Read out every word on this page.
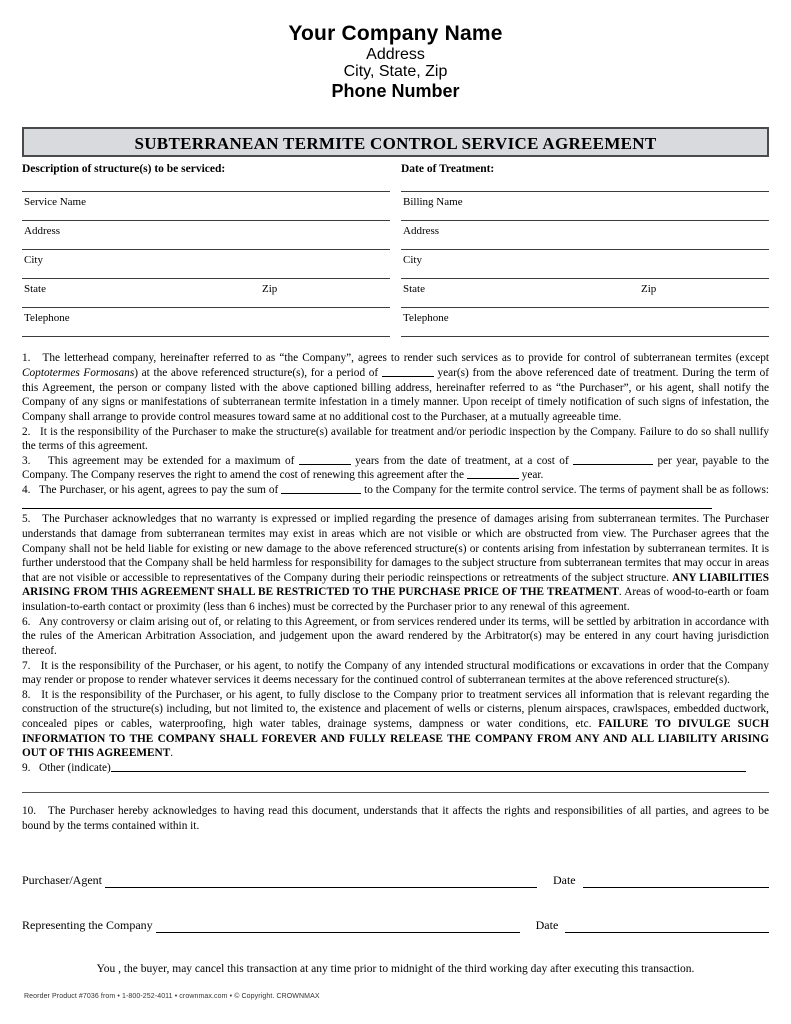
Your Company Name
Address
City, State, Zip
Phone Number
SUBTERRANEAN TERMITE CONTROL SERVICE AGREEMENT
Description of structure(s) to be serviced:
Service Name
Address
City
State	Zip
Telephone
Date of Treatment:
Billing Name
Address
City
State	Zip
Telephone

1. The letterhead company, hereinafter referred to as “the Company”, agrees to render such services as to provide for control of subterranean termites (except Coptotermes Formosans) at the above referenced structure(s), for a period of	year(s) from the above referenced date of treatment. During the term of this Agreement, the person or company listed with the above captioned billing address, hereinafter referred to as “the Purchaser”, or his agent, shall notify the Company of any signs or manifestations of subterranean termite infestation in a timely manner. Upon receipt of timely notification of such signs of infestation, the Company shall arrange to provide control measures toward same at no additional cost to the Purchaser, at a mutually agreeable time.

2. It is the responsibility of the Purchaser to make the structure(s) available for treatment and/or periodic inspection by the Company. Failure to do so shall nullify the terms of this agreement.

3. This agreement may be extended for a maximum of	years from the date of treatment, at a cost of	per year, payable to the Company. The Company reserves the right to amend the cost of renewing this agreement after the	year.

4. The Purchaser, or his agent, agrees to pay the sum of	to the Company for the termite control service. The terms of payment shall be as follows:

5. The Purchaser acknowledges that no warranty is expressed or implied regarding the presence of damages arising from subterranean termites. The Purchaser understands that damage from subterranean termites may exist in areas which are not visible or which are obstructed from view. The Purchaser agrees that the Company shall not be held liable for existing or new damage to the above referenced structure(s) or contents arising from infestation by subterranean termites. It is further understood that the Company shall be held harmless for responsibility for damages to the subject structure from subterranean termites that may occur in areas that are not visible or accessible to representatives of the Company during their periodic reinspections or retreatments of the subject structure. ANY LIABILITIES ARISING FROM THIS AGREEMENT SHALL BE RESTRICTED TO THE PURCHASE PRICE OF THE TREATMENT. Areas of wood-to-earth or foam insulation-to-earth contact or proximity (less than 6 inches) must be corrected by the Purchaser prior to any renewal of this agreement.

6. Any controversy or claim arising out of, or relating to this Agreement, or from services rendered under its terms, will be settled by arbitration in accordance with the rules of the American Arbitration Association, and judgement upon the award rendered by the Arbitrator(s) may be entered in any court having jurisdiction thereof.

7. It is the responsibility of the Purchaser, or his agent, to notify the Company of any intended structural modifications or excavations in order that the Company may render or propose to render whatever services it deems necessary for the continued control of subterranean termites at the above referenced structure(s).

8. It is the responsibility of the Purchaser, or his agent, to fully disclose to the Company prior to treatment services all information that is relevant regarding the construction of the structure(s) including, but not limited to, the existence and placement of wells or cisterns, plenum airspaces, crawlspaces, embedded ductwork, concealed pipes or cables, waterproofing, high water tables, drainage systems, dampness or water conditions, etc. FAILURE TO DIVULGE SUCH INFORMATION TO THE COMPANY SHALL FOREVER AND FULLY RELEASE THE COMPANY FROM ANY AND ALL LIABILITY ARISING OUT OF THIS AGREEMENT.

9. Other (indicate)

10. The Purchaser hereby acknowledges to having read this document, understands that it affects the rights and responsibilities of all parties, and agrees to be bound by the terms contained within it.

Purchaser/Agent	Date
Representing the Company	Date
You , the buyer, may cancel this transaction at any time prior to midnight of the third working day after executing this transaction.
Reorder Product #7036 from • 1-800-252-4011 • crownmax.com • © Copyright. CROWNMAX
